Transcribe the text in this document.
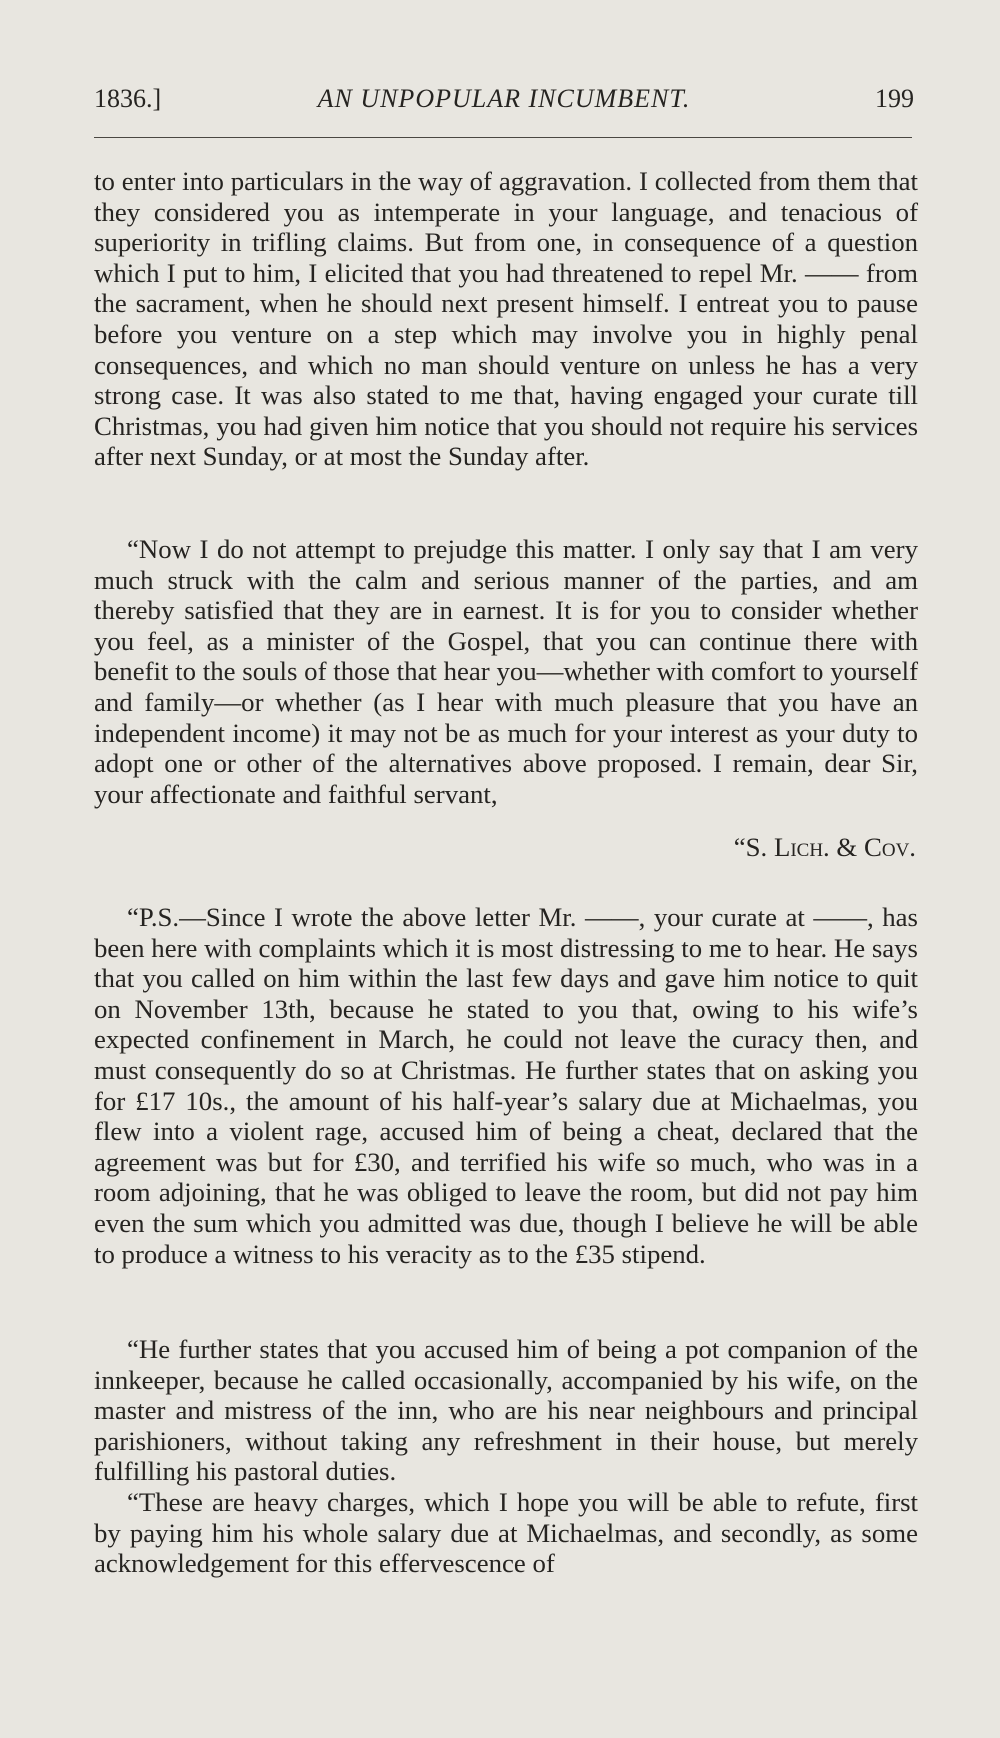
1836.]	AN UNPOPULAR INCUMBENT.	199

to enter into particulars in the way of aggravation. I collected from them that they considered you as intemperate in your language, and tenacious of superiority in trifling claims. But from one, in consequence of a question which I put to him, I elicited that you had threatened to repel Mr. —— from the sacrament, when he should next present himself. I entreat you to pause before you venture on a step which may involve you in highly penal consequences, and which no man should venture on unless he has a very strong case. It was also stated to me that, having engaged your curate till Christmas, you had given him notice that you should not require his services after next Sunday, or at most the Sunday after.

“Now I do not attempt to prejudge this matter. I only say that I am very much struck with the calm and serious manner of the parties, and am thereby satisfied that they are in earnest. It is for you to consider whether you feel, as a minister of the Gospel, that you can continue there with benefit to the souls of those that hear you—whether with comfort to yourself and family—or whether (as I hear with much pleasure that you have an independent income) it may not be as much for your interest as your duty to adopt one or other of the alternatives above proposed. I remain, dear Sir, your affectionate and faithful servant,

“S. Lich. & Cov.

“P.S.—Since I wrote the above letter Mr. ——, your curate at ——, has been here with complaints which it is most distressing to me to hear. He says that you called on him within the last few days and gave him notice to quit on November 13th, because he stated to you that, owing to his wife’s expected confinement in March, he could not leave the curacy then, and must consequently do so at Christmas. He further states that on asking you for £17 10s., the amount of his half-year’s salary due at Michaelmas, you flew into a violent rage, accused him of being a cheat, declared that the agreement was but for £30, and terrified his wife so much, who was in a room adjoining, that he was obliged to leave the room, but did not pay him even the sum which you admitted was due, though I believe he will be able to produce a witness to his veracity as to the £35 stipend.

“He further states that you accused him of being a pot companion of the innkeeper, because he called occasionally, accompanied by his wife, on the master and mistress of the inn, who are his near neighbours and principal parishioners, without taking any refreshment in their house, but merely fulfilling his pastoral duties.

“These are heavy charges, which I hope you will be able to refute, first by paying him his whole salary due at Michaelmas, and secondly, as some acknowledgement for this effervescence of
